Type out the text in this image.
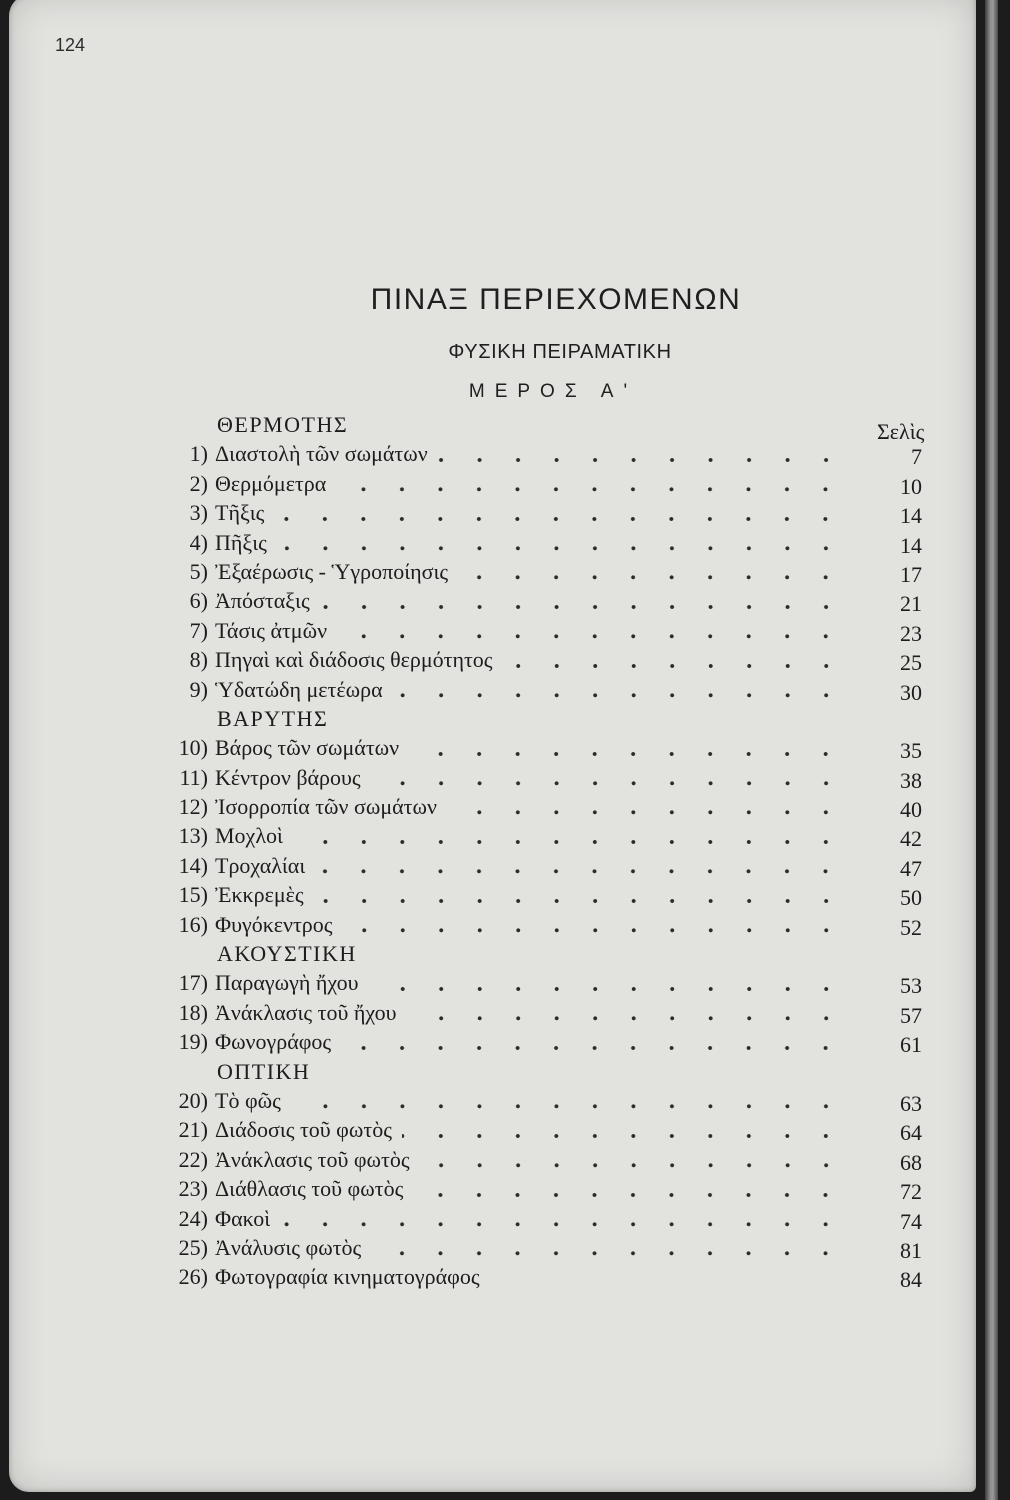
124
ΠΙΝΑΞ ΠΕΡΙΕΧΟΜΕΝΩΝ
ΦΥΣΙΚΗ ΠΕΙΡΑΜΑΤΙΚΗ
ΜΕΡΟΣ Α'
Σελὶς
ΘΕΡΜΟΤΗΣ
1) Διαστολὴ τῶν σωμάτων	7
2) Θερμόμετρα	10
3) Τῆξις	14
4) Πῆξις	14
5) Ἐξαέρωσις - Ὑγροποίησις	17
6) Ἀπόσταξις	21
7) Τάσις ἀτμῶν	23
8) Πηγαὶ καὶ διάδοσις θερμότητος	25
9) Ὑδατώδη μετέωρα	30
ΒΑΡΥΤΗΣ
10) Βάρος τῶν σωμάτων	35
11) Κέντρον βάρους	38
12) Ἰσορροπία τῶν σωμάτων	40
13) Μοχλοὶ	42
14) Τροχαλίαι	47
15) Ἐκκρεμὲς	50
16) Φυγόκεντρος	52
ΑΚΟΥΣΤΙΚΗ
17) Παραγωγὴ ἤχου	53
18) Ἀνάκλασις τοῦ ἤχου	57
19) Φωνογράφος	61
ΟΠΤΙΚΗ
20) Τὸ φῶς	63
21) Διάδοσις τοῦ φωτὸς	64
22) Ἀνάκλασις τοῦ φωτὸς	68
23) Διάθλασις τοῦ φωτὸς	72
24) Φακοὶ	74
25) Ἀνάλυσις φωτὸς	81
26) Φωτογραφία κινηματογράφος	84
